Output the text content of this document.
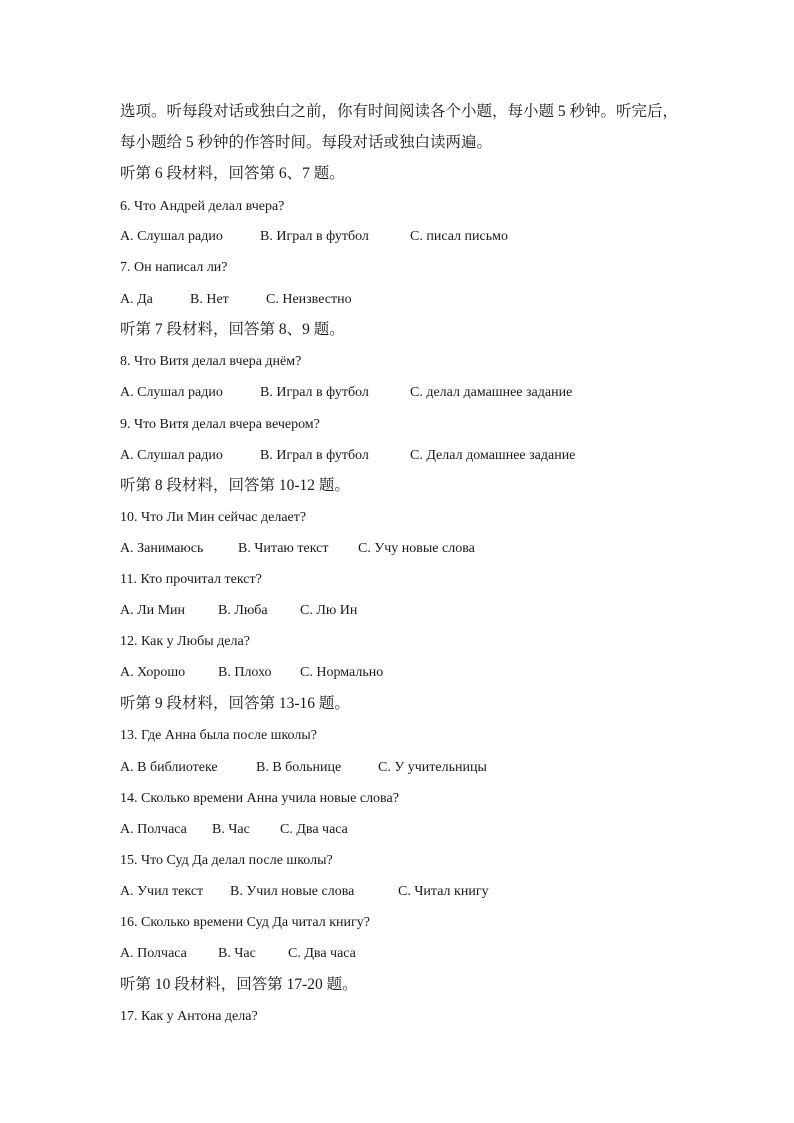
选项。听每段对话或独白之前，你有时间阅读各个小题，每小题 5 秒钟。听完后，
每小题给 5 秒钟的作答时间。每段对话或独白读两遍。
听第 6 段材料，回答第 6、7 题。
6. Что Андрей делал вчера?
A. Слушал радио	B. Играл в футбол	C. писал письмо
7. Он написал ли?
A. Да	B. Нет	C. Неизвестно
听第 7 段材料，回答第 8、9 题。
8. Что Витя делал вчера днём?
A. Слушал радио	B. Играл в футбол	C. делал дамашнее задание
9. Что Витя делал вчера вечером?
A. Слушал радио	B. Играл в футбол	C. Делал домашнее задание
听第 8 段材料，回答第 10-12 题。
10. Что Ли Мин сейчас делает?
A. Занимаюсь	B. Читаю текст	C. Учу новые слова
11. Кто прочитал текст?
A. Ли Мин	B. Люба	C. Лю Ин
12. Как у Любы дела?
A. Хорошо	B. Плохо	C. Нормально
听第 9 段材料，回答第 13-16 题。
13. Где Анна была после школы?
A. В библиотеке	B. В больнице	C. У учительницы
14. Сколько времени Анна учила новые слова?
A. Полчаса	B. Час	C. Два часа
15. Что Суд Да делал после школы?
A. Учил текст	B. Учил новые слова	C. Читал книгу
16. Сколько времени Суд Да читал книгу?
A. Полчаса	B. Час	C. Два часа
听第 10 段材料，回答第 17-20 题。
17. Как у Антона дела?
